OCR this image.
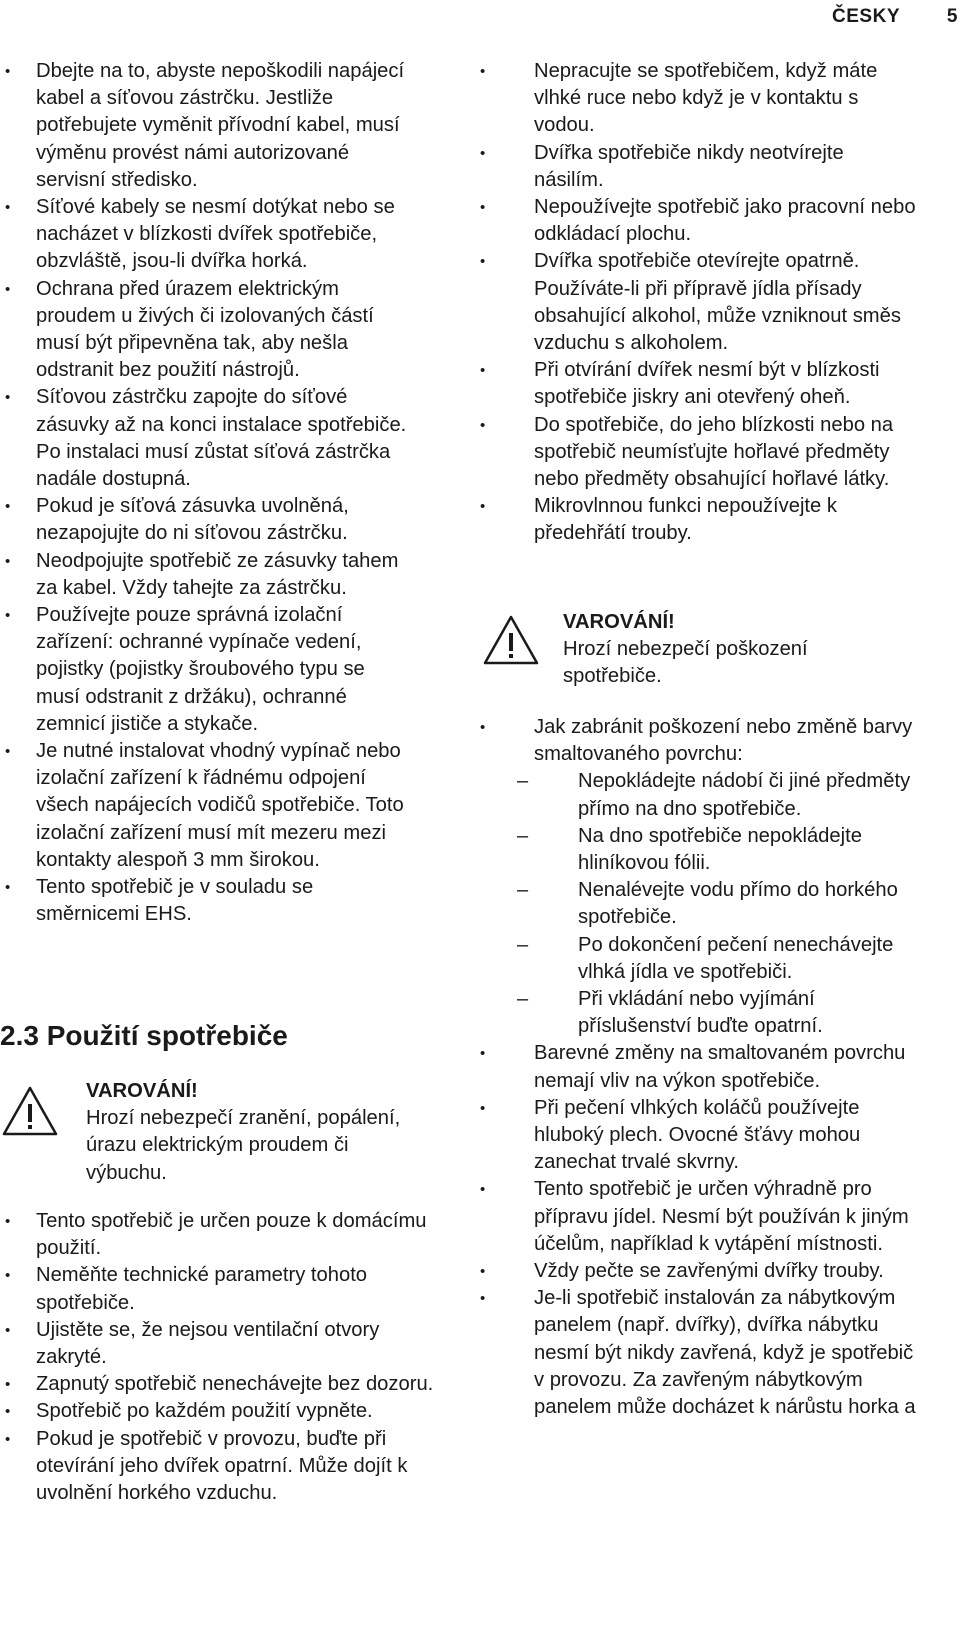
ČESKY 5
• Dbejte na to, abyste nepoškodili napájecí kabel a síťovou zástrčku. Jestliže potřebujete vyměnit přívodní kabel, musí výměnu provést námi autorizované servisní středisko.
• Síťové kabely se nesmí dotýkat nebo se nacházet v blízkosti dvířek spotřebiče, obzvláště, jsou-li dvířka horká.
• Ochrana před úrazem elektrickým proudem u živých či izolovaných částí musí být připevněna tak, aby nešla odstranit bez použití nástrojů.
• Síťovou zástrčku zapojte do síťové zásuvky až na konci instalace spotřebiče. Po instalaci musí zůstat síťová zástrčka nadále dostupná.
• Pokud je síťová zásuvka uvolněná, nezapojujte do ni síťovou zástrčku.
• Neodpojujte spotřebič ze zásuvky tahem za kabel. Vždy tahejte za zástrčku.
• Používejte pouze správná izolační zařízení: ochranné vypínače vedení, pojistky (pojistky šroubového typu se musí odstranit z držáku), ochranné zemnicí jističe a stykače.
• Je nutné instalovat vhodný vypínač nebo izolační zařízení k řádnému odpojení všech napájecích vodičů spotřebiče. Toto izolační zařízení musí mít mezeru mezi kontakty alespoň 3 mm širokou.
• Tento spotřebič je v souladu se směrnicemi EHS.
2.3 Použití spotřebiče
VAROVÁNÍ!
Hrozí nebezpečí zranění, popálení, úrazu elektrickým proudem či výbuchu.
• Tento spotřebič je určen pouze k domácímu použití.
• Neměňte technické parametry tohoto spotřebiče.
• Ujistěte se, že nejsou ventilační otvory zakryté.
• Zapnutý spotřebič nenechávejte bez dozoru.
• Spotřebič po každém použití vypněte.
• Pokud je spotřebič v provozu, buďte při otevírání jeho dvířek opatrní. Může dojít k uvolnění horkého vzduchu.
• Nepracujte se spotřebičem, když máte vlhké ruce nebo když je v kontaktu s vodou.
• Dvířka spotřebiče nikdy neotvírejte násilím.
• Nepoužívejte spotřebič jako pracovní nebo odkládací plochu.
• Dvířka spotřebiče otevírejte opatrně. Používáte-li při přípravě jídla přísady obsahující alkohol, může vzniknout směs vzduchu s alkoholem.
• Při otvírání dvířek nesmí být v blízkosti spotřebiče jiskry ani otevřený oheň.
• Do spotřebiče, do jeho blízkosti nebo na spotřebič neumísťujte hořlavé předměty nebo předměty obsahující hořlavé látky.
• Mikrovlnnou funkci nepoužívejte k předehřátí trouby.
VAROVÁNÍ!
Hrozí nebezpečí poškození spotřebiče.
• Jak zabránit poškození nebo změně barvy smaltovaného povrchu:
– Nepokládejte nádobí či jiné předměty přímo na dno spotřebiče.
– Na dno spotřebiče nepokládejte hliníkovou fólii.
– Nenalévejte vodu přímo do horkého spotřebiče.
– Po dokončení pečení nenechávejte vlhká jídla ve spotřebiči.
– Při vkládání nebo vyjímání příslušenství buďte opatrní.
• Barevné změny na smaltovaném povrchu nemají vliv na výkon spotřebiče.
• Při pečení vlhkých koláčů používejte hluboký plech. Ovocné šťávy mohou zanechat trvalé skvrny.
• Tento spotřebič je určen výhradně pro přípravu jídel. Nesmí být používán k jiným účelům, například k vytápění místnosti.
• Vždy pečte se zavřenými dvířky trouby.
• Je-li spotřebič instalován za nábytkovým panelem (např. dvířky), dvířka nábytku nesmí být nikdy zavřená, když je spotřebič v provozu. Za zavřeným nábytkovým panelem může docházet k nárůstu horka a
